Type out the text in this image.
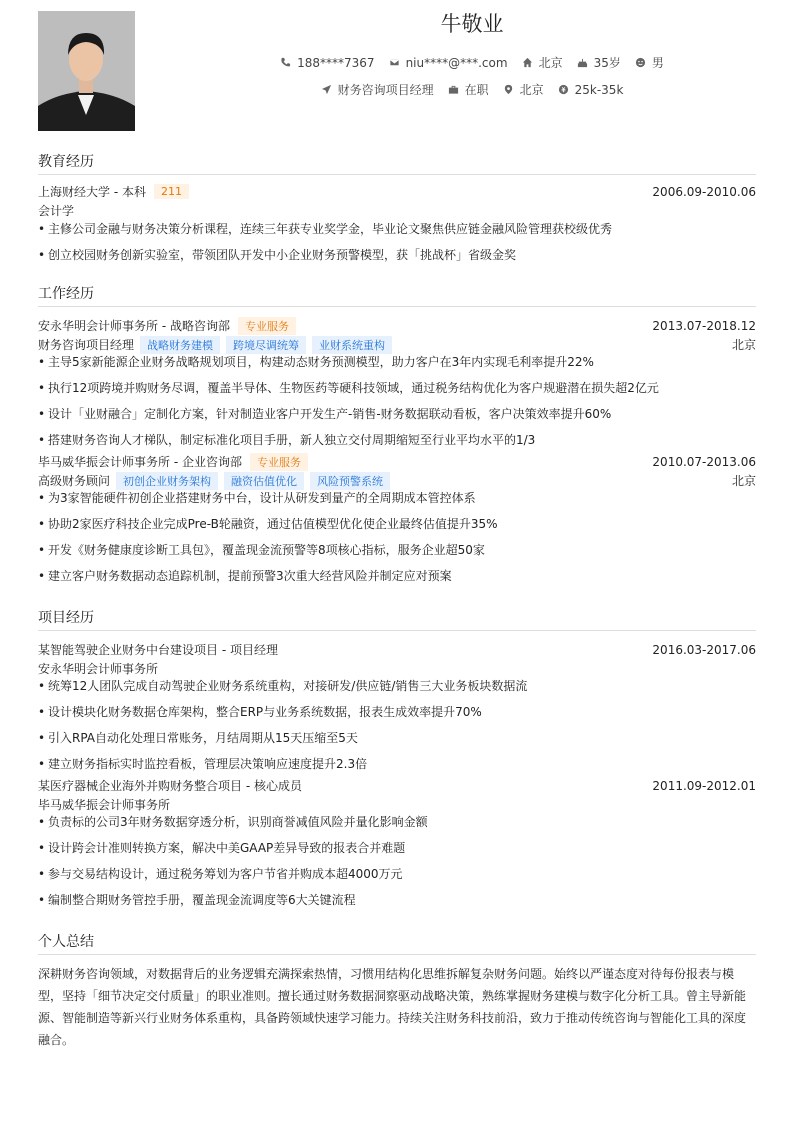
牛敬业
188****7367	niu****@***.com	北京	35岁	男
财务咨询项目经理	在职	北京	25k-35k
教育经历
上海财经大学 - 本科	211	2006.09-2010.06
会计学
• 主修公司金融与财务决策分析课程，连续三年获专业奖学金，毕业论文聚焦供应链金融风险管理获校级优秀
• 创立校园财务创新实验室，带领团队开发中小企业财务预警模型，获「挑战杯」省级金奖
工作经历
安永华明会计师事务所 - 战略咨询部	专业服务	2013.07-2018.12
财务咨询项目经理	战略财务建模	跨境尽调统筹	业财系统重构	北京
• 主导5家新能源企业财务战略规划项目，构建动态财务预测模型，助力客户在3年内实现毛利率提升22%
• 执行12项跨境并购财务尽调，覆盖半导体、生物医药等硬科技领域，通过税务结构优化为客户规避潜在损失超2亿元
• 设计「业财融合」定制化方案，针对制造业客户开发生产-销售-财务数据联动看板，客户决策效率提升60%
• 搭建财务咨询人才梯队，制定标准化项目手册，新人独立交付周期缩短至行业平均水平的1/3
毕马威华振会计师事务所 - 企业咨询部	专业服务	2010.07-2013.06
高级财务顾问	初创企业财务架构	融资估值优化	风险预警系统	北京
• 为3家智能硬件初创企业搭建财务中台，设计从研发到量产的全周期成本管控体系
• 协助2家医疗科技企业完成Pre-B轮融资，通过估值模型优化使企业最终估值提升35%
• 开发《财务健康度诊断工具包》，覆盖现金流预警等8项核心指标，服务企业超50家
• 建立客户财务数据动态追踪机制，提前预警3次重大经营风险并制定应对预案
项目经历
某智能驾驶企业财务中台建设项目 - 项目经理	2016.03-2017.06
安永华明会计师事务所
• 统筹12人团队完成自动驾驶企业财务系统重构，对接研发/供应链/销售三大业务板块数据流
• 设计模块化财务数据仓库架构，整合ERP与业务系统数据，报表生成效率提升70%
• 引入RPA自动化处理日常账务，月结周期从15天压缩至5天
• 建立财务指标实时监控看板，管理层决策响应速度提升2.3倍
某医疗器械企业海外并购财务整合项目 - 核心成员	2011.09-2012.01
毕马威华振会计师事务所
• 负责标的公司3年财务数据穿透分析，识别商誉减值风险并量化影响金额
• 设计跨会计准则转换方案，解决中美GAAP差异导致的报表合并难题
• 参与交易结构设计，通过税务筹划为客户节省并购成本超4000万元
• 编制整合期财务管控手册，覆盖现金流调度等6大关键流程
个人总结
深耕财务咨询领域，对数据背后的业务逻辑充满探索热情，习惯用结构化思维拆解复杂财务问题。始终以严谨态度对待每份报表与模型，坚持「细节决定交付质量」的职业准则。擅长通过财务数据洞察驱动战略决策，熟练掌握财务建模与数字化分析工具。曾主导新能源、智能制造等新兴行业财务体系重构，具备跨领域快速学习能力。持续关注财务科技前沿，致力于推动传统咨询与智能化工具的深度融合。
